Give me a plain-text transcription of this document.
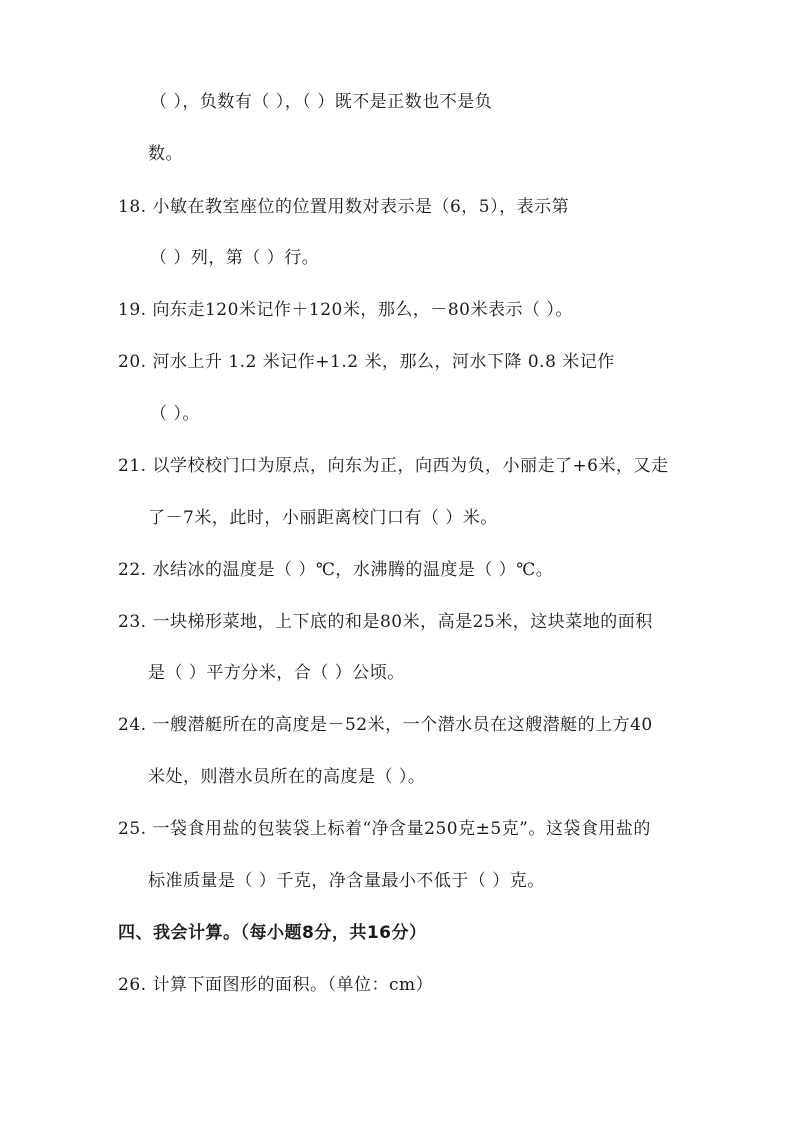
（ ），负数有（ ），（ ）既不是正数也不是负
数。
18. 小敏在教室座位的位置用数对表示是（6，5），表示第
（ ）列，第（ ）行。
19. 向东走120米记作＋120米，那么，－80米表示（ ）。
20. 河水上升 1.2 米记作+1.2 米，那么，河水下降 0.8 米记作
（ ）。
21. 以学校校门口为原点，向东为正，向西为负，小丽走了+6米，又走
了－7米，此时，小丽距离校门口有（ ）米。
22. 水结冰的温度是（ ）℃，水沸腾的温度是（ ）℃。
23. 一块梯形菜地，上下底的和是80米，高是25米，这块菜地的面积
是（ ）平方分米，合（ ）公顷。
24. 一艘潜艇所在的高度是－52米，一个潜水员在这艘潜艇的上方40
米处，则潜水员所在的高度是（ ）。
25. 一袋食用盐的包装袋上标着“净含量250克±5克”。这袋食用盐的
标准质量是（ ）千克，净含量最小不低于（ ）克。
四、我会计算。（每小题8分，共16分）
26. 计算下面图形的面积。（单位：cm）
